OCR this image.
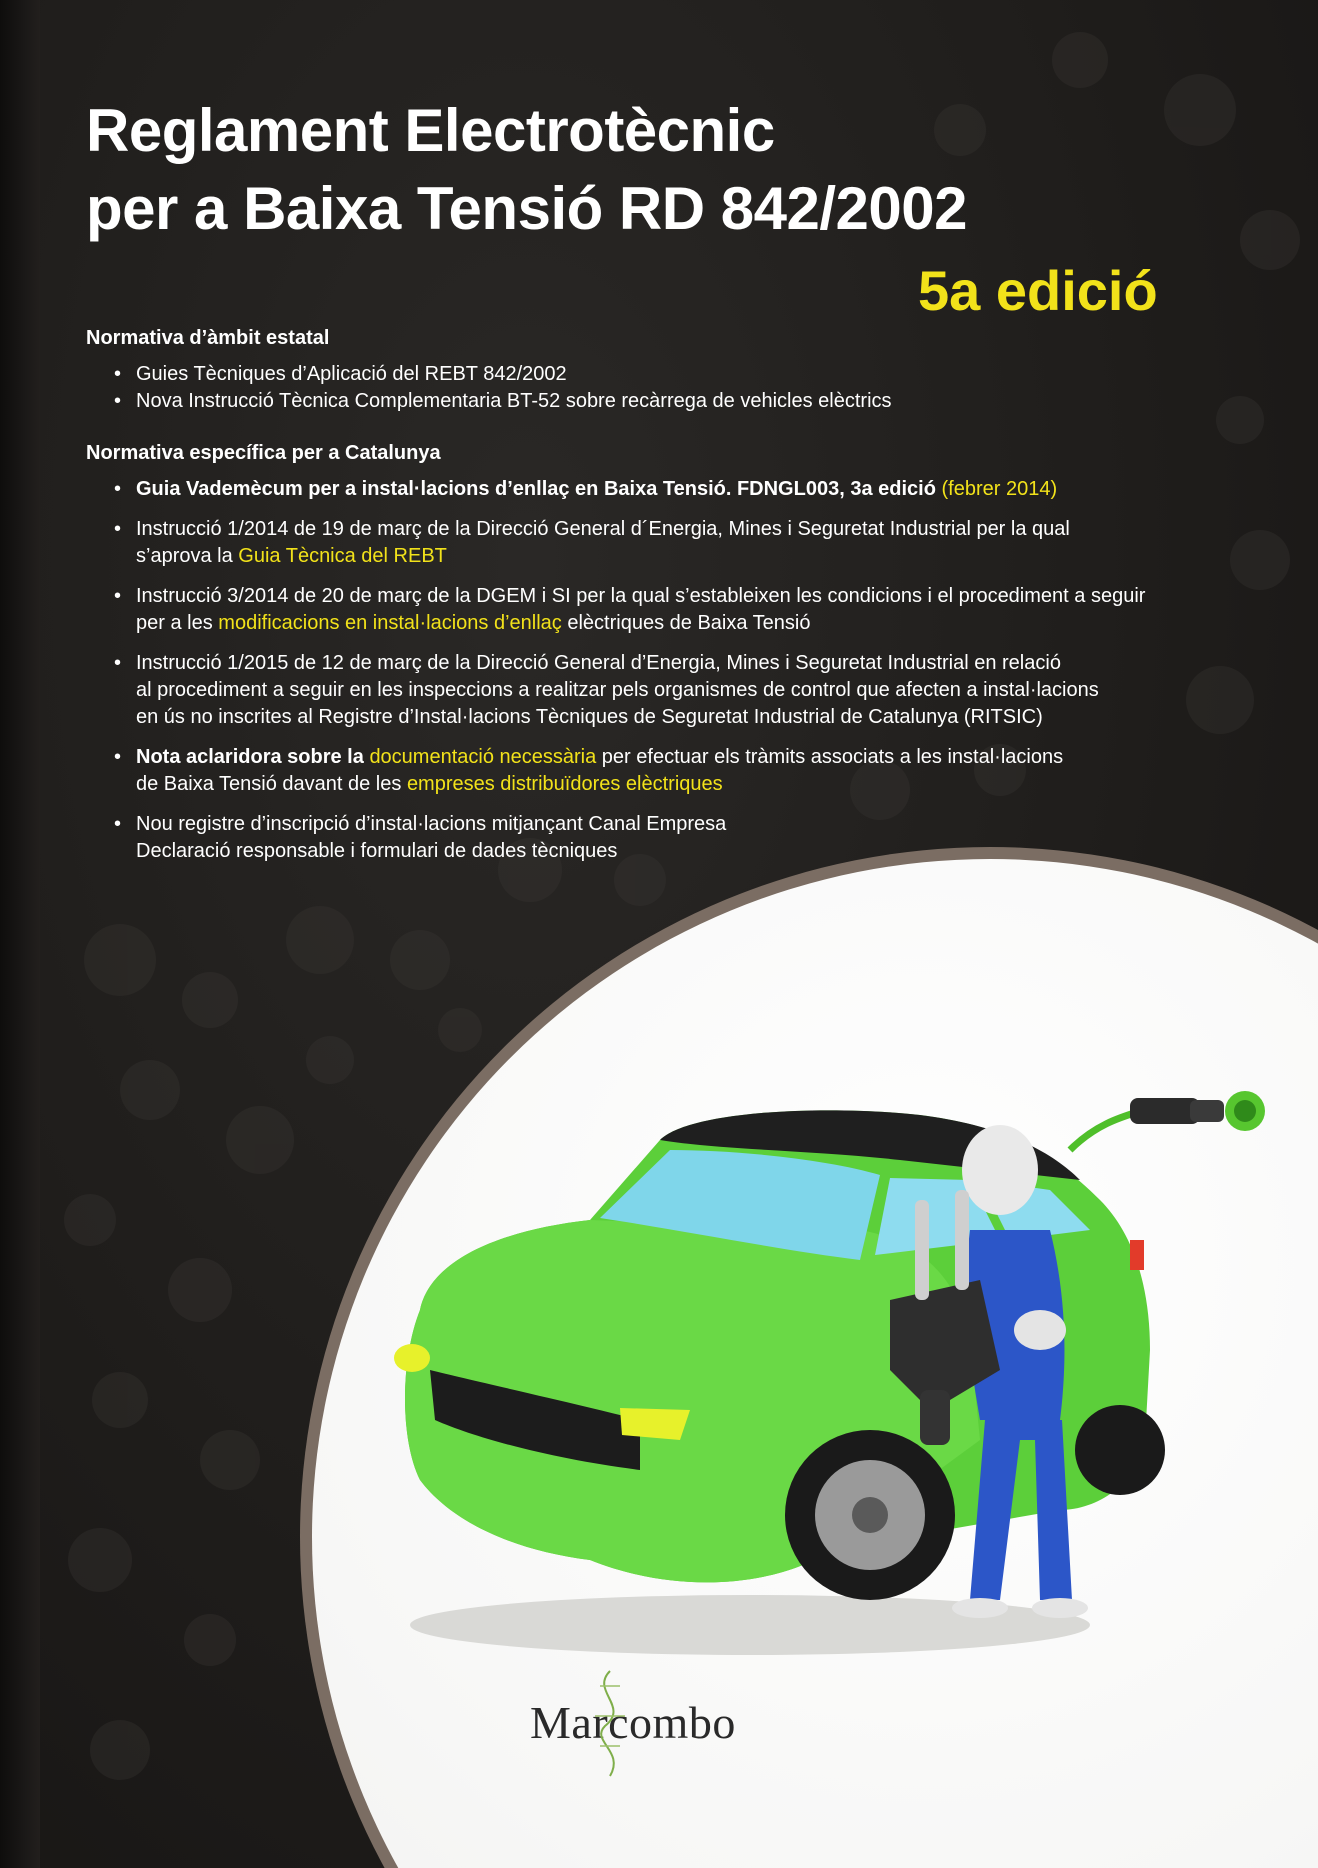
Reglament Electrotècnic
per a Baixa Tensió RD 842/2002
5a edició
Normativa d’àmbit estatal
• Guies Tècniques d’Aplicació del REBT 842/2002
• Nova Instrucció Tècnica Complementaria BT-52 sobre recàrrega de vehicles elèctrics
Normativa específica per a Catalunya
• Guia Vademècum per a instal·lacions d’enllaç en Baixa Tensió. FDNGL003, 3a edició (febrer 2014)
• Instrucció 1/2014 de 19 de març de la Direcció General d´Energia, Mines i Seguretat Industrial per la qual
s’aprova la Guia Tècnica del REBT
• Instrucció 3/2014 de 20 de març de la DGEM i SI per la qual s’estableixen les condicions i el procediment a seguir
per a les modificacions en instal·lacions d’enllaç elèctriques de Baixa Tensió
• Instrucció 1/2015 de 12 de març de la Direcció General d’Energia, Mines i Seguretat Industrial en relació
al procediment a seguir en les inspeccions a realitzar pels organismes de control que afecten a instal·lacions
en ús no inscrites al Registre d’Instal·lacions Tècniques de Seguretat Industrial de Catalunya (RITSIC)
• Nota aclaridora sobre la documentació necessària per efectuar els tràmits associats a les instal·lacions
de Baixa Tensió davant de les empreses distribuïdores elèctriques
• Nou registre d’inscripció d’instal·lacions mitjançant Canal Empresa
Declaració responsable i formulari de dades tècniques
Marcombo
